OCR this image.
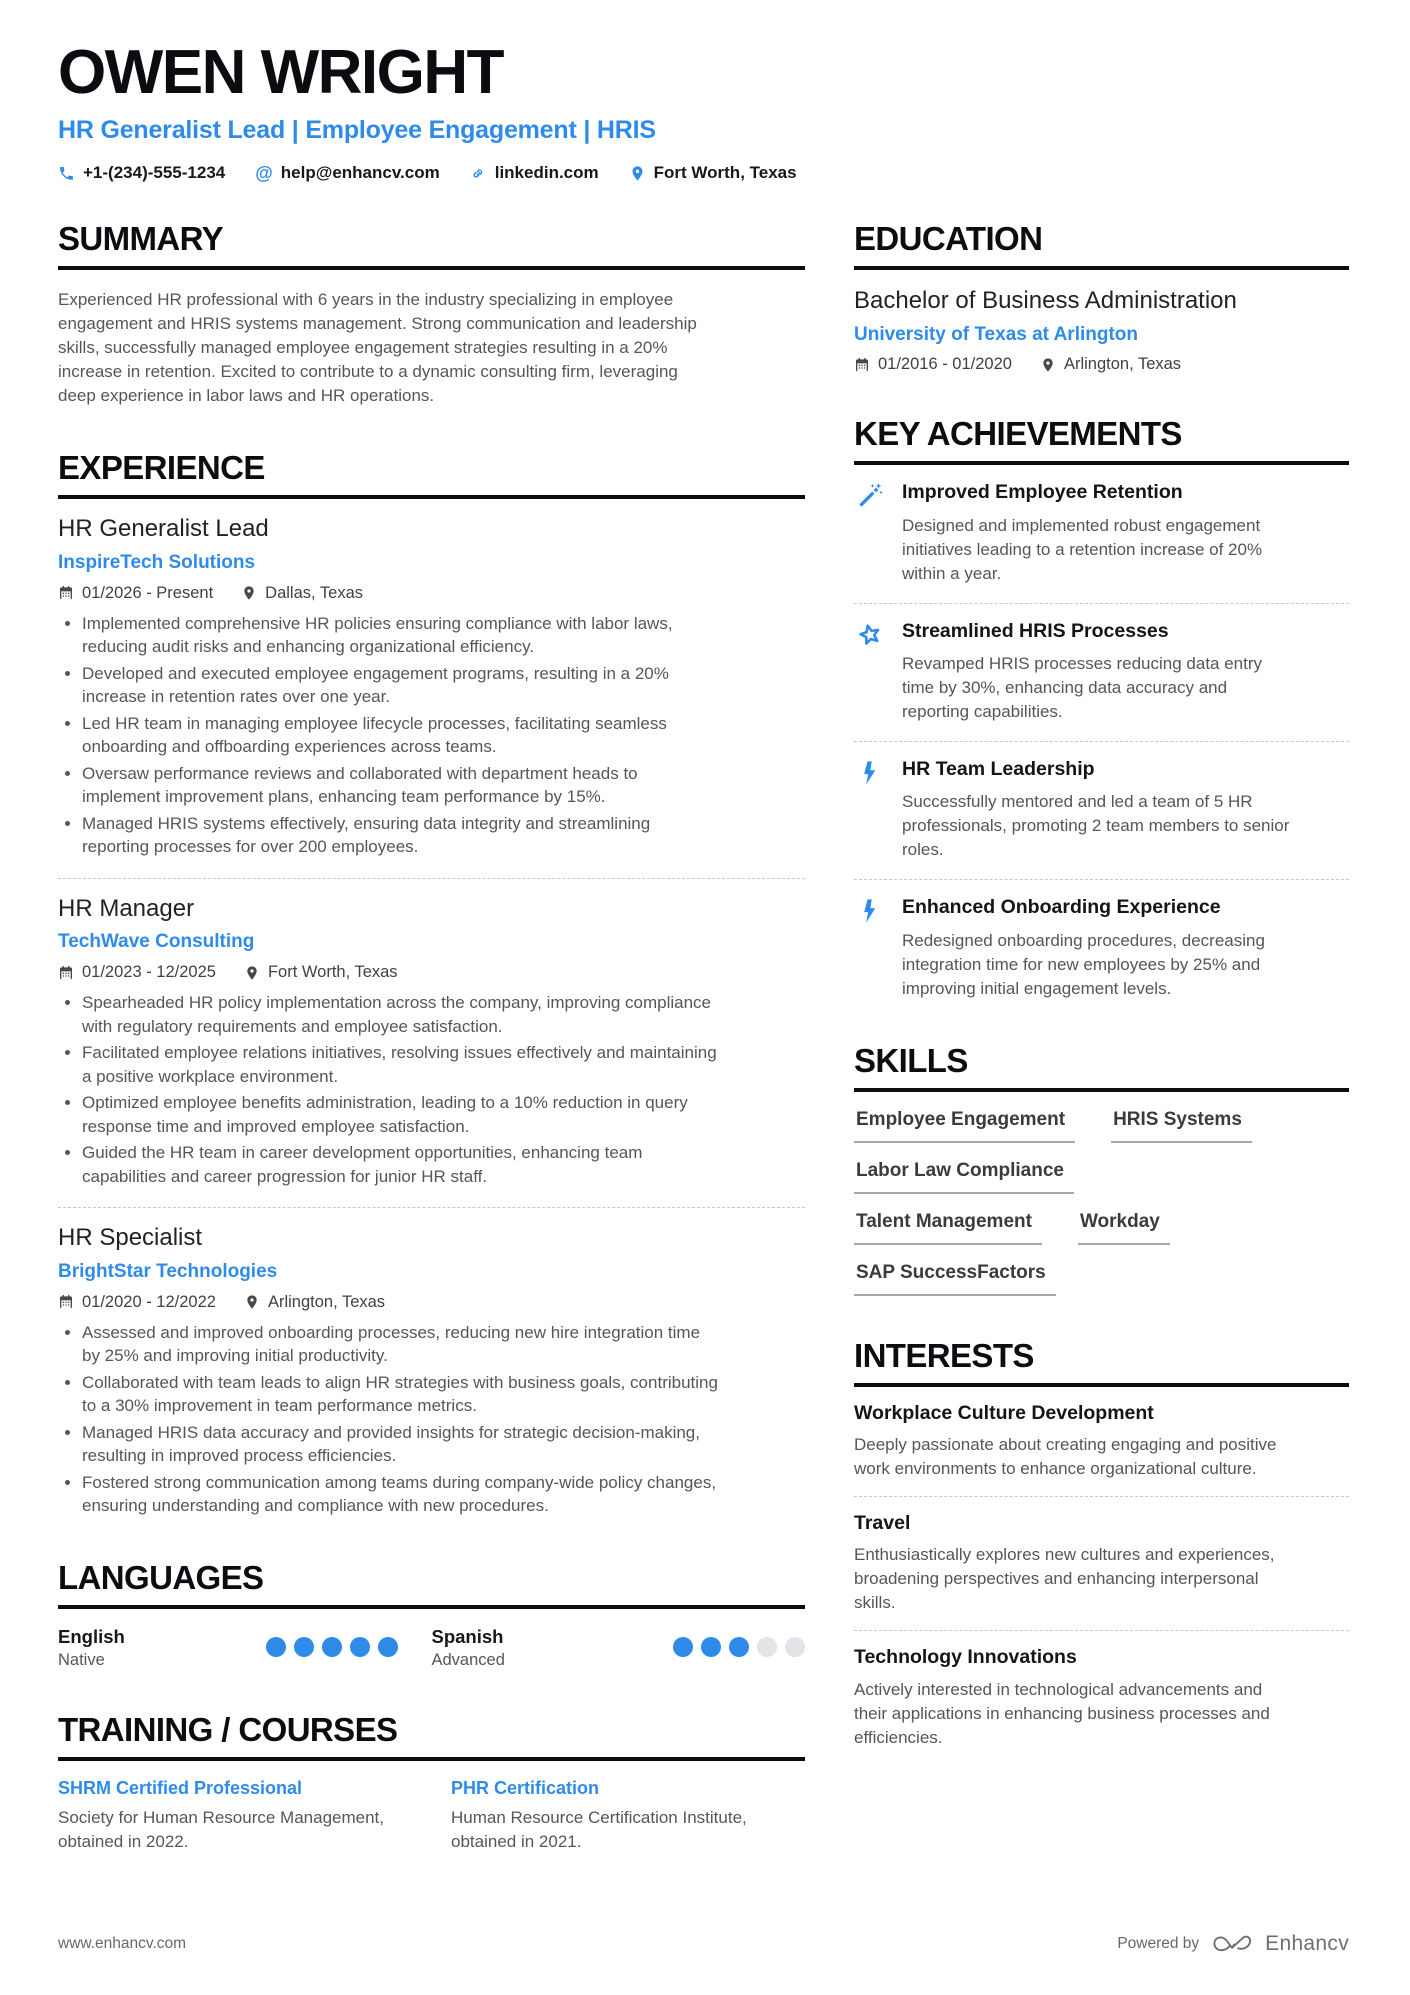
OWEN WRIGHT
HR Generalist Lead | Employee Engagement | HRIS
+1-(234)-555-1234 @ help@enhancv.com	linkedin.com	Fort Worth, Texas
SUMMARY

Experienced HR professional with 6 years in the industry specializing in employee engagement and HRIS systems management. Strong communication and leadership skills, successfully managed employee engagement strategies resulting in a 20% increase in retention. Excited to contribute to a dynamic consulting firm, leveraging deep experience in labor laws and HR operations.

EXPERIENCE
HR Generalist Lead
InspireTech Solutions
01/2026 - Present	Dallas, Texas
Implemented comprehensive HR policies ensuring compliance with labor laws, reducing audit risks and enhancing organizational efficiency.
Developed and executed employee engagement programs, resulting in a 20% increase in retention rates over one year.
Led HR team in managing employee lifecycle processes, facilitating seamless onboarding and offboarding experiences across teams.
Oversaw performance reviews and collaborated with department heads to implement improvement plans, enhancing team performance by 15%.
Managed HRIS systems effectively, ensuring data integrity and streamlining reporting processes for over 200 employees.
HR Manager
TechWave Consulting
01/2023 - 12/2025	Fort Worth, Texas
Spearheaded HR policy implementation across the company, improving compliance with regulatory requirements and employee satisfaction.
Facilitated employee relations initiatives, resolving issues effectively and maintaining a positive workplace environment.
Optimized employee benefits administration, leading to a 10% reduction in query response time and improved employee satisfaction.
Guided the HR team in career development opportunities, enhancing team capabilities and career progression for junior HR staff.
HR Specialist
BrightStar Technologies
01/2020 - 12/2022	Arlington, Texas
Assessed and improved onboarding processes, reducing new hire integration time by 25% and improving initial productivity.
Collaborated with team leads to align HR strategies with business goals, contributing to a 30% improvement in team performance metrics.
Managed HRIS data accuracy and provided insights for strategic decision-making, resulting in improved process efficiencies.
Fostered strong communication among teams during company-wide policy changes, ensuring understanding and compliance with new procedures.
LANGUAGES
English
Native
Spanish
Advanced
TRAINING / COURSES
SHRM Certified Professional
Society for Human Resource Management, obtained in 2022.
PHR Certification
Human Resource Certification Institute, obtained in 2021.
EDUCATION
Bachelor of Business Administration
University of Texas at Arlington
01/2016 - 01/2020	Arlington, Texas
KEY ACHIEVEMENTS
Improved Employee Retention
Designed and implemented robust engagement initiatives leading to a retention increase of 20% within a year.
Streamlined HRIS Processes
Revamped HRIS processes reducing data entry time by 30%, enhancing data accuracy and reporting capabilities.
HR Team Leadership
Successfully mentored and led a team of 5 HR professionals, promoting 2 team members to senior roles.
Enhanced Onboarding Experience
Redesigned onboarding procedures, decreasing integration time for new employees by 25% and improving initial engagement levels.
SKILLS
Employee Engagement	HRIS Systems
Labor Law Compliance
Talent Management	Workday
SAP SuccessFactors
INTERESTS
Workplace Culture Development
Deeply passionate about creating engaging and positive work environments to enhance organizational culture.
Travel
Enthusiastically explores new cultures and experiences, broadening perspectives and enhancing interpersonal skills.
Technology Innovations
Actively interested in technological advancements and their applications in enhancing business processes and efficiencies.
www.enhancv.com	Powered by	Enhancv
